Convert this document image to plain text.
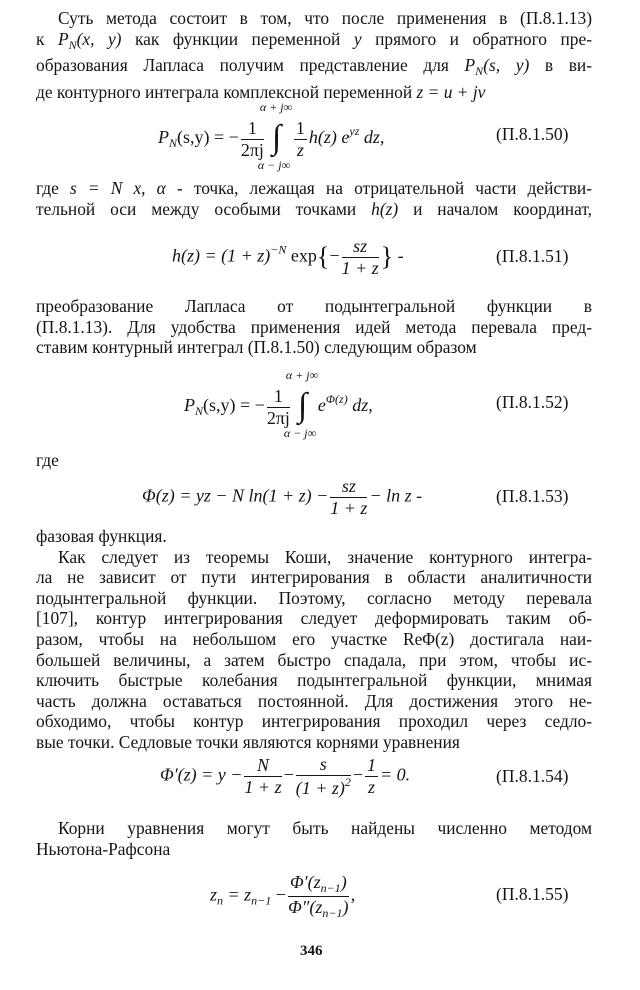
Суть метода состоит в том, что после применения в (П.8.1.13)
к $P_N(x$, y) как функции переменной y прямого и обратного пре-
образования Лапласа получим представление для $P_N(s$, y) в ви-
де контурного интеграла комплексной переменной z = u + jv
$P_N(s,y)$ = − $\frac{1}{2\pi j}$
α + j∞
∫
α − j∞
$\frac{1}{z} h(z)$ $e^{yz}$ dz,	(П.8.1.50)
где s = N x, α - точка, лежащая на отрицательной части действи-
тельной оси между особыми точками h(z) и началом координат,
$h(z) = (1 + z)^{-N}$ $\exp\{- \frac{sz}{1 + z}$ } -	(П.8.1.51)
преобразование Лапласа от подынтегральной функции в
(П.8.1.13). Для удобства применения идей метода перевала пред-
ставим контурный интеграл (П.8.1.50) следующим образом
$P_N(s,y)$ = − $\frac{1}{2\pi j}$
α + j∞
∫
α − j∞
$e^{\Phi(z)}$ dz,	(П.8.1.52)
где
Φ(z) = yz − N $\ln(1 + z) - \frac{sz}{1 + z} - \ln z$ -	(П.8.1.53)
фазовая функция.
Как следует из теоремы Коши, значение контурного интегра-
ла не зависит от пути интегрирования в области аналитичности
подынтегральной функции. Поэтому, согласно методу перевала
[107], контур интегрирования следует деформировать таким об-
разом, чтобы на небольшом его участке ReΦ(z) достигала наи-
большей величины, а затем быстро спадала, при этом, чтобы ис-
ключить быстрые колебания подынтегральной функции, мнимая
часть должна оставаться постоянной. Для достижения этого не-
обходимо, чтобы контур интегрирования проходил через седло-
вые точки. Седловые точки являются корнями уравнения
$\Phi'(z) = y - \frac{N}{1 + z} - \frac{s}{(1 + z)^2} - \frac{1}{z} = 0$.	(П.8.1.54)
Корни уравнения могут быть найдены численно методом
Ньютона-Рафсона
$z_n = z_{n-1} - \frac{\Phi'(z_{n-1})}{\Phi''(z_{n-1})}$ ,	(П.8.1.55)
346
